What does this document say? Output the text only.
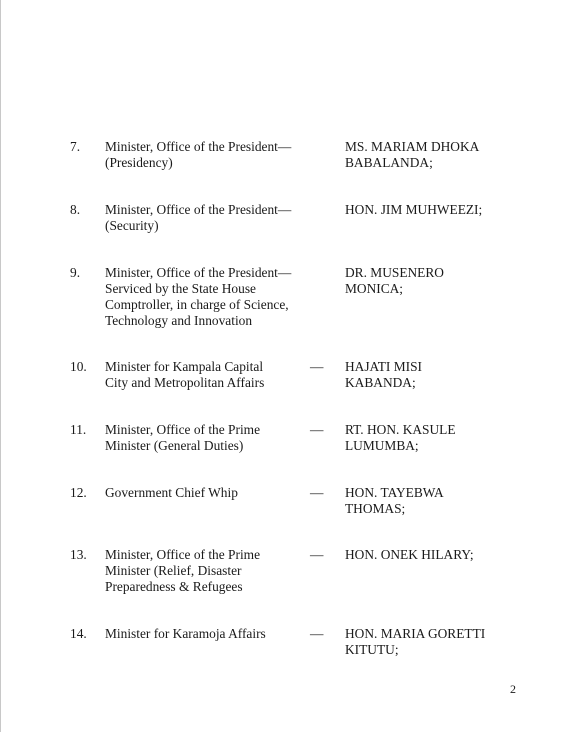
7. Minister, Office of the President—
(Presidency)
MS. MARIAM DHOKA
BABALANDA;
8. Minister, Office of the President—
(Security)
HON. JIM MUHWEEZI;
9. Minister, Office of the President—
Serviced by the State House
Comptroller, in charge of Science,
Technology and Innovation
DR. MUSENERO
MONICA;
10. Minister for Kampala Capital
City and Metropolitan Affairs
— HAJATI MISI
KABANDA;
11. Minister, Office of the Prime
Minister (General Duties)
— RT. HON. KASULE
LUMUMBA;
12. Government Chief Whip	— HON. TAYEBWA
THOMAS;
13. Minister, Office of the Prime
Minister (Relief, Disaster
Preparedness & Refugees
— HON. ONEK HILARY;
14. Minister for Karamoja Affairs	— HON. MARIA GORETTI
KITUTU;
2
